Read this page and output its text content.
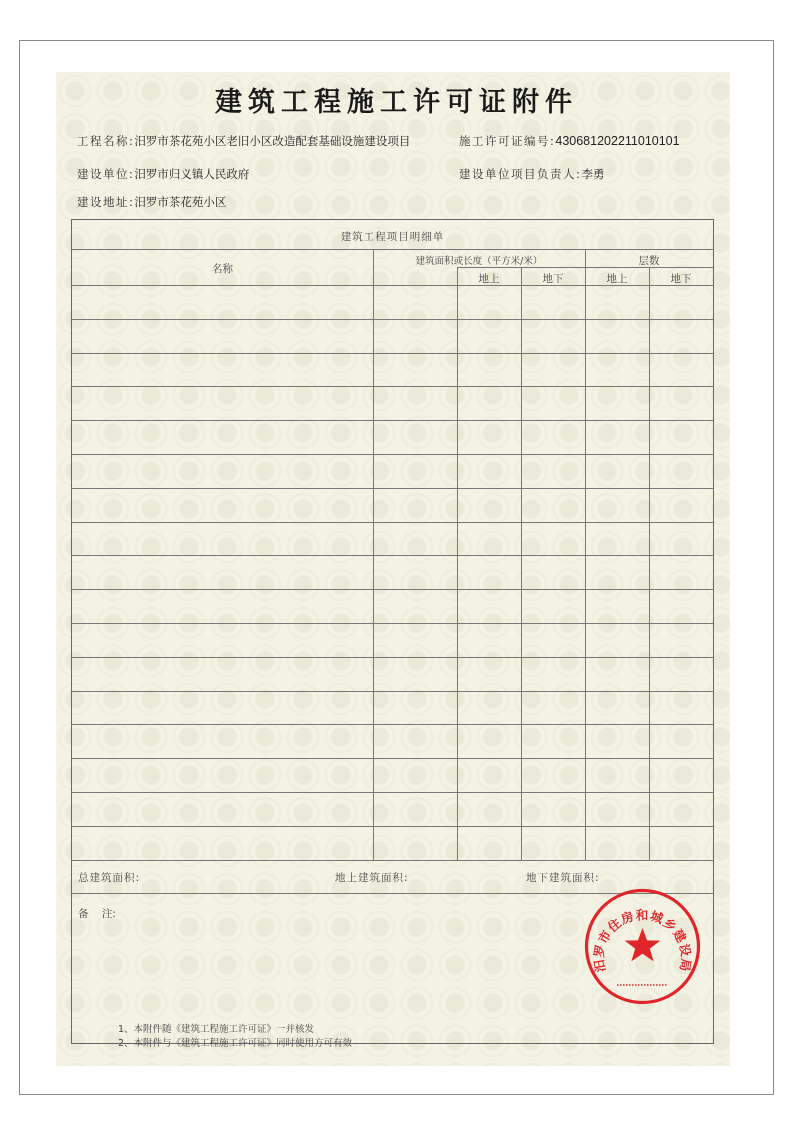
建筑工程施工许可证附件
工程名称:汨罗市茶花苑小区老旧小区改造配套基础设施建设项目	施工许可证编号:430681202211010101
建设单位:汨罗市归义镇人民政府	建设单位项目负责人:李勇
建设地址:汨罗市茶花苑小区
建筑工程项目明细单
名称
建筑面积或长度（平方米/米）	层数
地上	地下	地上	地下
总建筑面积:	地上建筑面积:	地下建筑面积:
备    注:
汨罗市住房和城乡建设局
1、本附件随《建筑工程施工许可证》一并核发
2、本附件与《建筑工程施工许可证》同时使用方可有效
